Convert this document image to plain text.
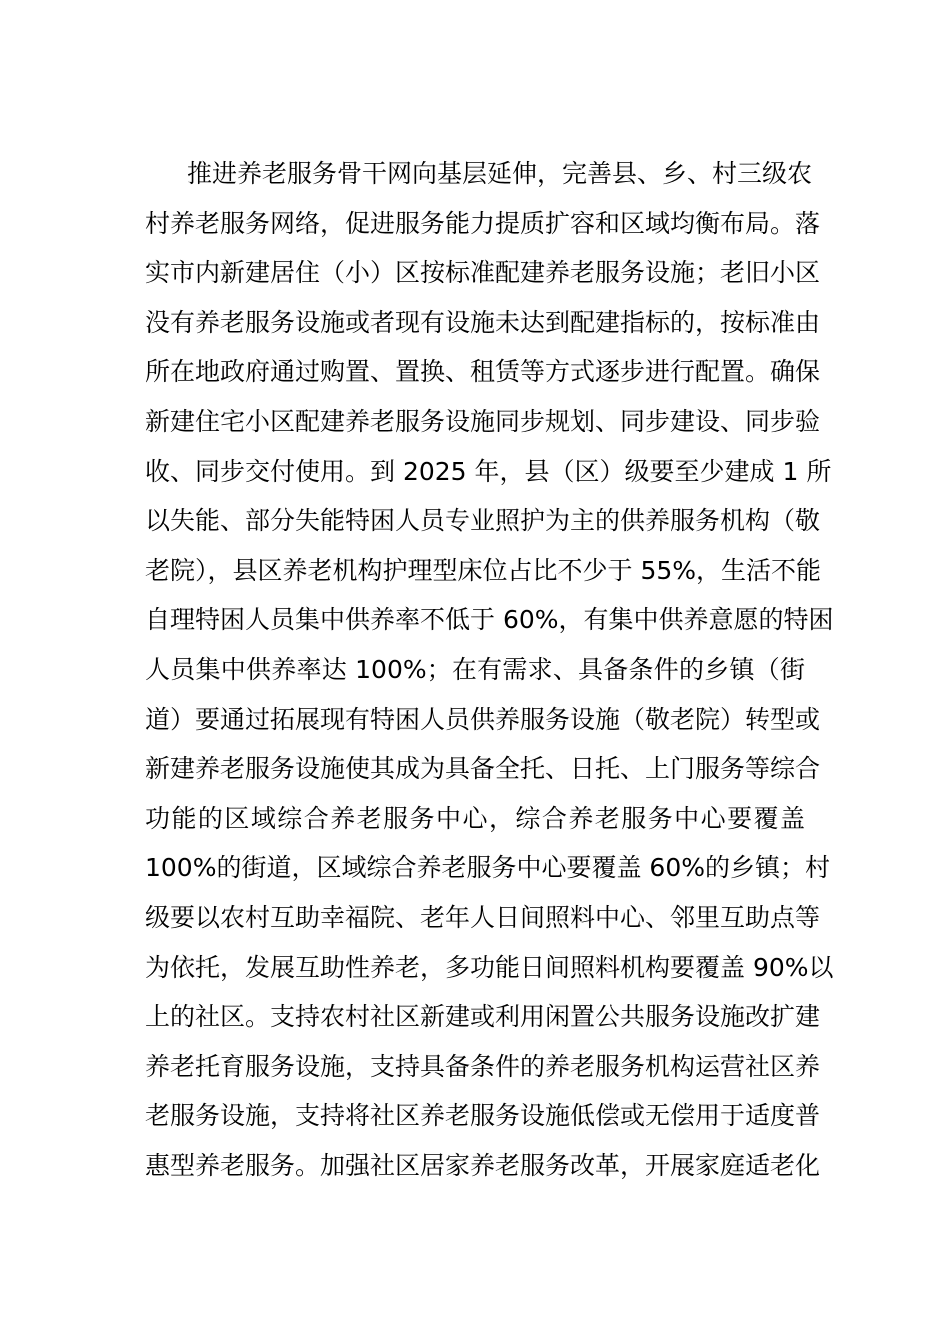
推进养老服务骨干网向基层延伸，完善县、乡、村三级农
村养老服务网络，促进服务能力提质扩容和区域均衡布局。落
实市内新建居住（小）区按标准配建养老服务设施；老旧小区
没有养老服务设施或者现有设施未达到配建指标的，按标准由
所在地政府通过购置、置换、租赁等方式逐步进行配置。确保
新建住宅小区配建养老服务设施同步规划、同步建设、同步验
收、同步交付使用。到 2025 年，县（区）级要至少建成 1 所
以失能、部分失能特困人员专业照护为主的供养服务机构（敬
老院），县区养老机构护理型床位占比不少于 55%，生活不能
自理特困人员集中供养率不低于 60%，有集中供养意愿的特困
人员集中供养率达 100%；在有需求、具备条件的乡镇（街
道）要通过拓展现有特困人员供养服务设施（敬老院）转型或
新建养老服务设施使其成为具备全托、日托、上门服务等综合
功能的区域综合养老服务中心，综合养老服务中心要覆盖
100%的街道，区域综合养老服务中心要覆盖 60%的乡镇；村
级要以农村互助幸福院、老年人日间照料中心、邻里互助点等
为依托，发展互助性养老，多功能日间照料机构要覆盖 90%以
上的社区。支持农村社区新建或利用闲置公共服务设施改扩建
养老托育服务设施，支持具备条件的养老服务机构运营社区养
老服务设施，支持将社区养老服务设施低偿或无偿用于适度普
惠型养老服务。加强社区居家养老服务改革，开展家庭适老化
